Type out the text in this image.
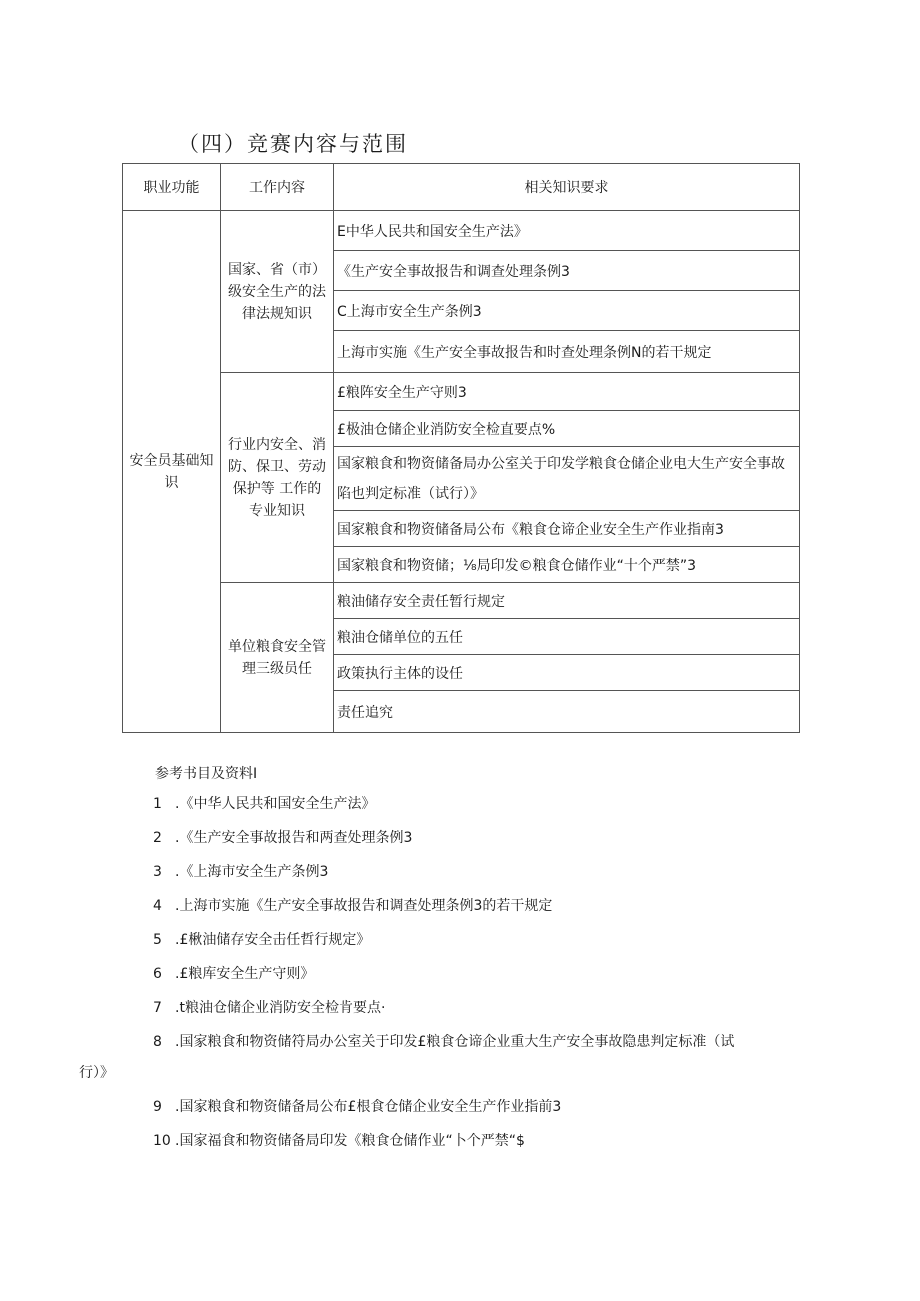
（四）竞赛内容与范围
职业功能	工作内容	相关知识要求
安全员基础知识	国家、省（市）级安全生产的法律法规知识	E中华人民共和国安全生产法》
		《生产安全事故报告和调查处理条例3
		C上海市安全生产条例3
		上海市实施《生产安全事故报告和时查处理条例N的若干规定
	行业内安全、消防、保卫、劳动保护等 工作的 专业知识	£粮阵安全生产守则3
		£极油仓储企业消防安全检直要点%
		国家粮食和物资储备局办公室关于印发学粮食仓储企业电大生产安全事故陷也判定标准（试行）》
		国家粮食和物资储备局公布《粮食仓谛企业安全生产作业指南3
		国家粮食和物资储；⅛局印发©粮食仓储作业“十个严禁”3
	单位粮食安全管理三级员任	粮油储存安全责任暂行规定
		粮油仓储单位的五任
		政策执行主体的设任
		责任追究

参考书目及资料I

1 .《中华人民共和国安全生产法》
2 .《生产安全事故报告和两查处理条例3
3 .《上海市安全生产条例3
4 .上海市实施《生产安全事故报告和调查处理条例3的若干规定
5 .£楸油储存安全击任哲行规定》
6 .£粮库安全生产守则》
7 .t粮油仓储企业消防安全检肯要点·
8 .国家粮食和物资储符局办公室关于印发£粮食仓谛企业重大生产安全事故隐患判定标准（试
行）》
9 .国家粮食和物资储备局公布£根食仓储企业安全生产作业指前3
10 .国家福食和物资储备局印发《粮食仓储作业“卜个严禁“$
